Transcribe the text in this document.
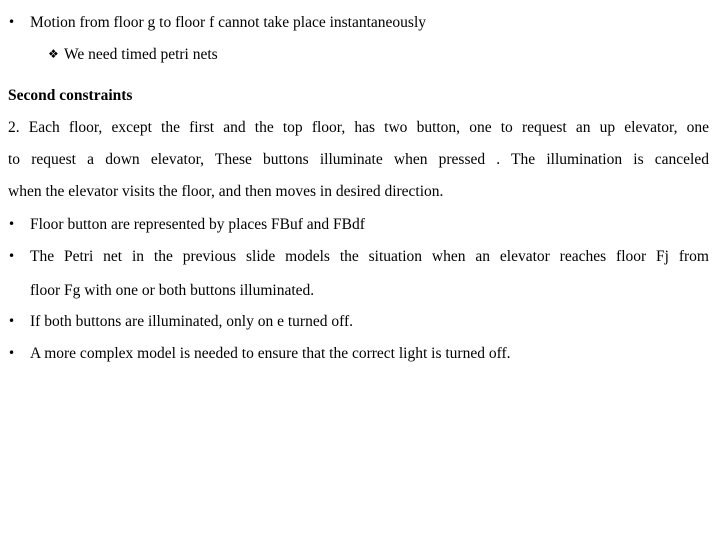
• Motion from floor g to floor f cannot take place instantaneously
❖ We need timed petri nets
Second constraints
2. Each floor, except the first and the top floor, has two button, one to request an up elevator, one
to request a down elevator, These buttons illuminate when pressed . The illumination is canceled
when the elevator visits the floor, and then moves in desired direction.
• Floor button are represented by places FBuf and FBdf
• The Petri net in the previous slide models the situation when an elevator reaches floor Fj from
floor Fg with one or both buttons illuminated.
• If both buttons are illuminated, only on e turned off.
• A more complex model is needed to ensure that the correct light is turned off.
